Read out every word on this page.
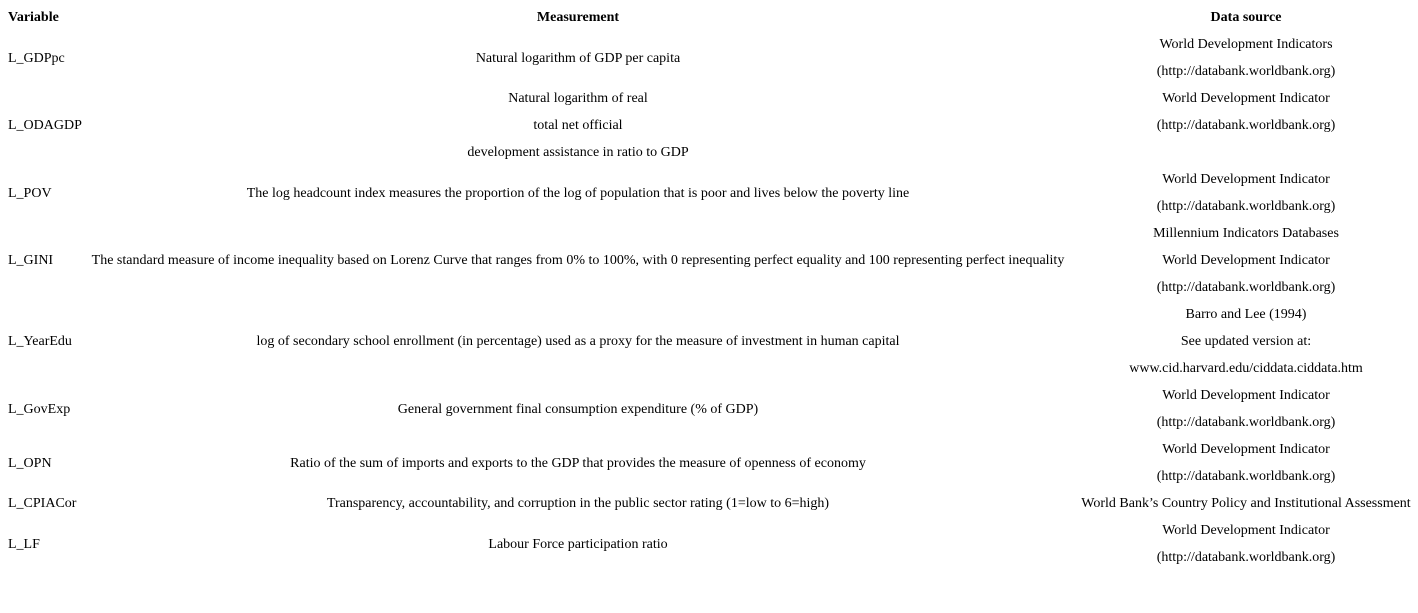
Variable	Measurement	Data source
L_GDPpc	Natural logarithm of GDP per capita	World Development Indicators
(http://databank.worldbank.org)

L_ODAGDP	Natural logarithm of real
total net official
development assistance in ratio to GDP	World Development Indicator
(http://databank.worldbank.org)

L_POV	The log headcount index measures the proportion of the log of population that is poor and lives below the poverty line	World Development Indicator
(http://databank.worldbank.org)

L_GINI	The standard measure of income inequality based on Lorenz Curve that ranges from 0% to 100%, with 0 representing perfect equality and 100 representing perfect inequality	Millennium Indicators Databases
World Development Indicator
(http://databank.worldbank.org)

L_YearEdu	log of secondary school enrollment (in percentage) used as a proxy for the measure of investment in human capital	Barro and Lee (1994)
See updated version at:
www.cid.harvard.edu/ciddata.ciddata.htm

L_GovExp	General government final consumption expenditure (% of GDP)	World Development Indicator
(http://databank.worldbank.org)

L_OPN	Ratio of the sum of imports and exports to the GDP that provides the measure of openness of economy	World Development Indicator
(http://databank.worldbank.org)

L_CPIACor	Transparency, accountability, and corruption in the public sector rating (1=low to 6=high)	World Bank’s Country Policy and Institutional Assessment

L_LF	Labour Force participation ratio	World Development Indicator
(http://databank.worldbank.org)
